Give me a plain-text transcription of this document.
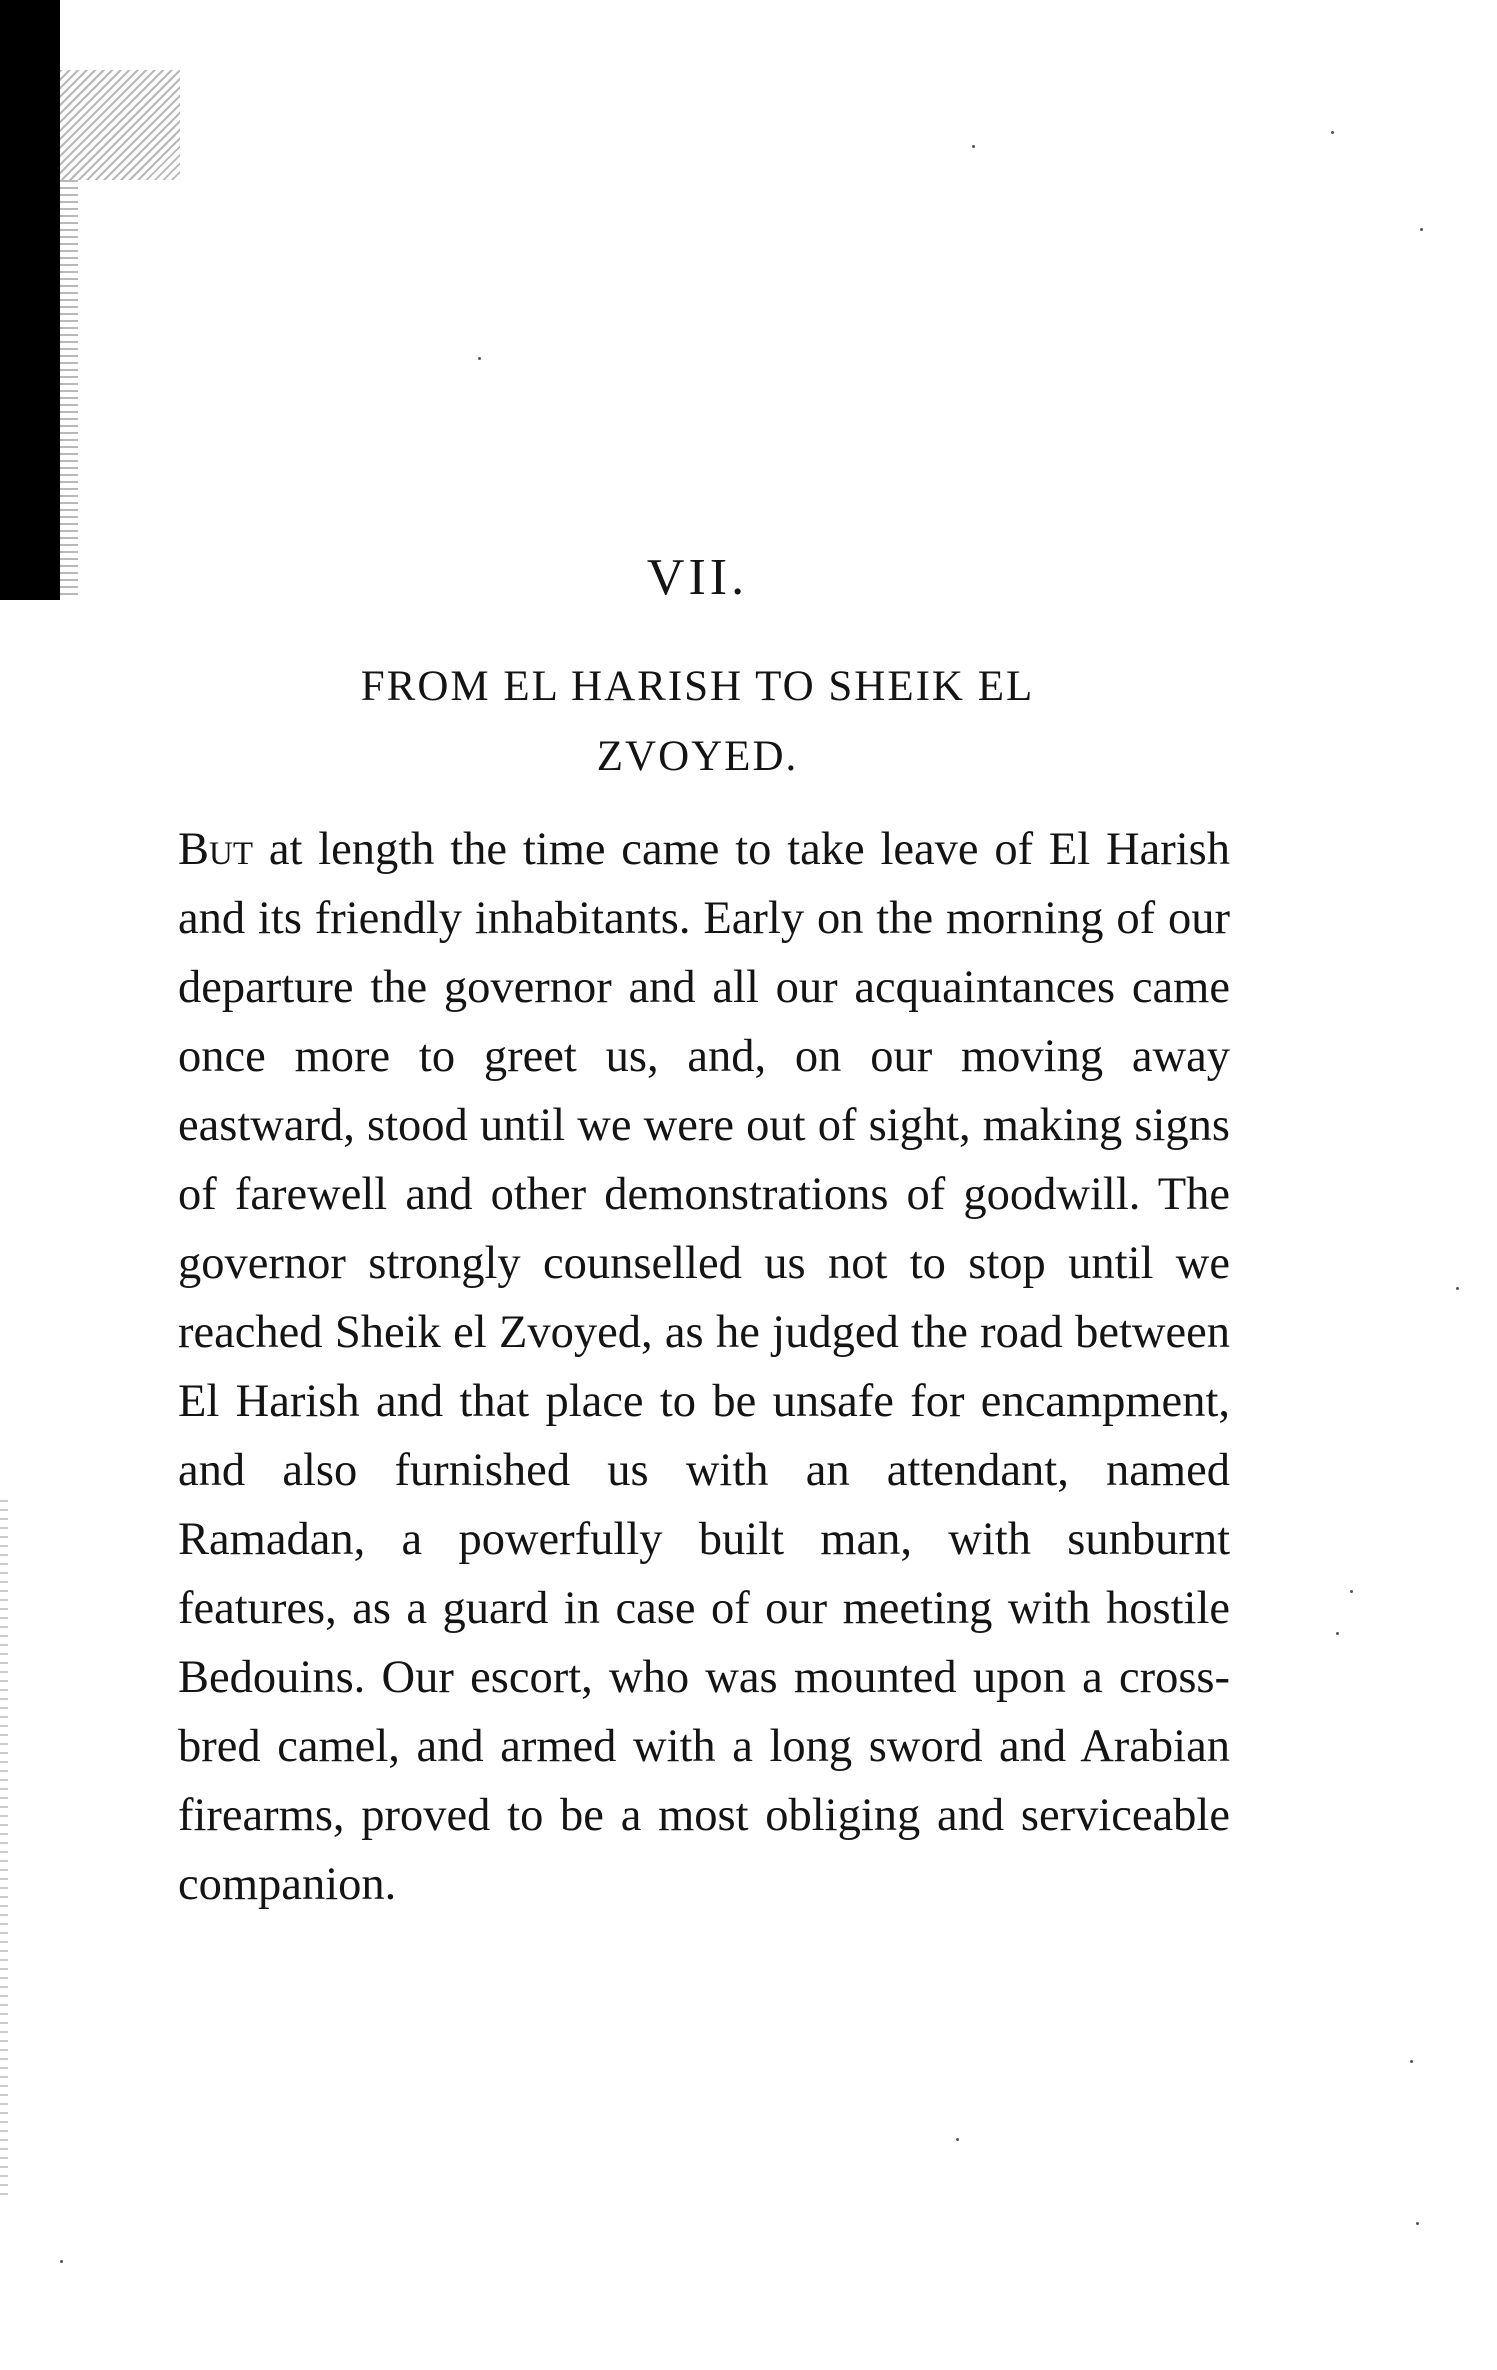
VII.
FROM EL HARISH TO SHEIK EL ZVOYED.

But at length the time came to take leave of El Harish and its friendly inhabitants. Early on the morning of our departure the governor and all our acquaintances came once more to greet us, and, on our moving away eastward, stood until we were out of sight, making signs of farewell and other demonstrations of goodwill. The governor strongly counselled us not to stop until we reached Sheik el Zvoyed, as he judged the road between El Harish and that place to be unsafe for encampment, and also furnished us with an attendant, named Ramadan, a powerfully built man, with sunburnt features, as a guard in case of our meeting with hostile Bedouins. Our escort, who was mounted upon a cross-bred camel, and armed with a long sword and Arabian firearms, proved to be a most obliging and serviceable companion.
